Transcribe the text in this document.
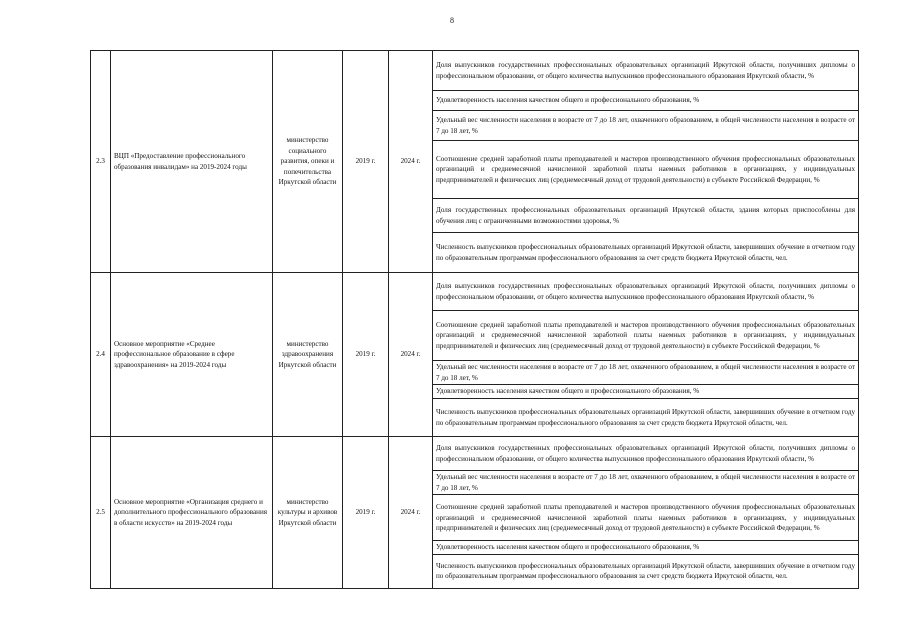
8
2.3	ВЦП «Предоставление профессионального образования инвалидам» на 2019-2024 годы	министерство социального развития, опеки и попечительства Иркутской области	2019 г.	2024 г.	Доля выпускников государственных профессиональных образовательных организаций Иркутской области, получивших дипломы о профессиональном образовании, от общего количества выпускников профессионального образования Иркутской области, %
					Удовлетворенность населения качеством общего и профессионального образования, %
					Удельный вес численности населения в возрасте от 7 до 18 лет, охваченного образованием, в общей численности населения в возрасте от 7 до 18 лет, %
					Соотношение средней заработной платы преподавателей и мастеров производственного обучения профессиональных образовательных организаций и среднемесячной начисленной заработной платы наемных работников в организациях, у индивидуальных предпринимателей и физических лиц (среднемесячный доход от трудовой деятельности) в субъекте Российской Федерации, %
					Доля государственных профессиональных образовательных организаций Иркутской области, здания которых приспособлены для обучения лиц с ограниченными возможностями здоровья, %
					Численность выпускников профессиональных образовательных организаций Иркутской области, завершивших обучение в отчетном году по образовательным программам профессионального образования за счет средств бюджета Иркутской области, чел.
2.4	Основное мероприятие «Среднее профессиональное образование в сфере здравоохранения» на 2019-2024 годы	министерство здравоохранения Иркутской области	2019 г.	2024 г.	Доля выпускников государственных профессиональных образовательных организаций Иркутской области, получивших дипломы о профессиональном образовании, от общего количества выпускников профессионального образования Иркутской области, %
					Соотношение средней заработной платы преподавателей и мастеров производственного обучения профессиональных образовательных организаций и среднемесячной начисленной заработной платы наемных работников в организациях, у индивидуальных предпринимателей и физических лиц (среднемесячный доход от трудовой деятельности) в субъекте Российской Федерации, %
					Удельный вес численности населения в возрасте от 7 до 18 лет, охваченного образованием, в общей численности населения в возрасте от 7 до 18 лет, %
					Удовлетворенность населения качеством общего и профессионального образования, %
					Численность выпускников профессиональных образовательных организаций Иркутской области, завершивших обучение в отчетном году по образовательным программам профессионального образования за счет средств бюджета Иркутской области, чел.
2.5	Основное мероприятие «Организация среднего и дополнительного профессионального образования в области искусств» на 2019-2024 годы	министерство культуры и архивов Иркутской области	2019 г.	2024 г.	Доля выпускников государственных профессиональных образовательных организаций Иркутской области, получивших дипломы о профессиональном образовании, от общего количества выпускников профессионального образования Иркутской области, %
					Удельный вес численности населения в возрасте от 7 до 18 лет, охваченного образованием, в общей численности населения в возрасте от 7 до 18 лет, %
					Соотношение средней заработной платы преподавателей и мастеров производственного обучения профессиональных образовательных организаций и среднемесячной начисленной заработной платы наемных работников в организациях, у индивидуальных предпринимателей и физических лиц (среднемесячный доход от трудовой деятельности) в субъекте Российской Федерации, %
					Удовлетворенность населения качеством общего и профессионального образования, %
					Численность выпускников профессиональных образовательных организаций Иркутской области, завершивших обучение в отчетном году по образовательным программам профессионального образования за счет средств бюджета Иркутской области, чел.
